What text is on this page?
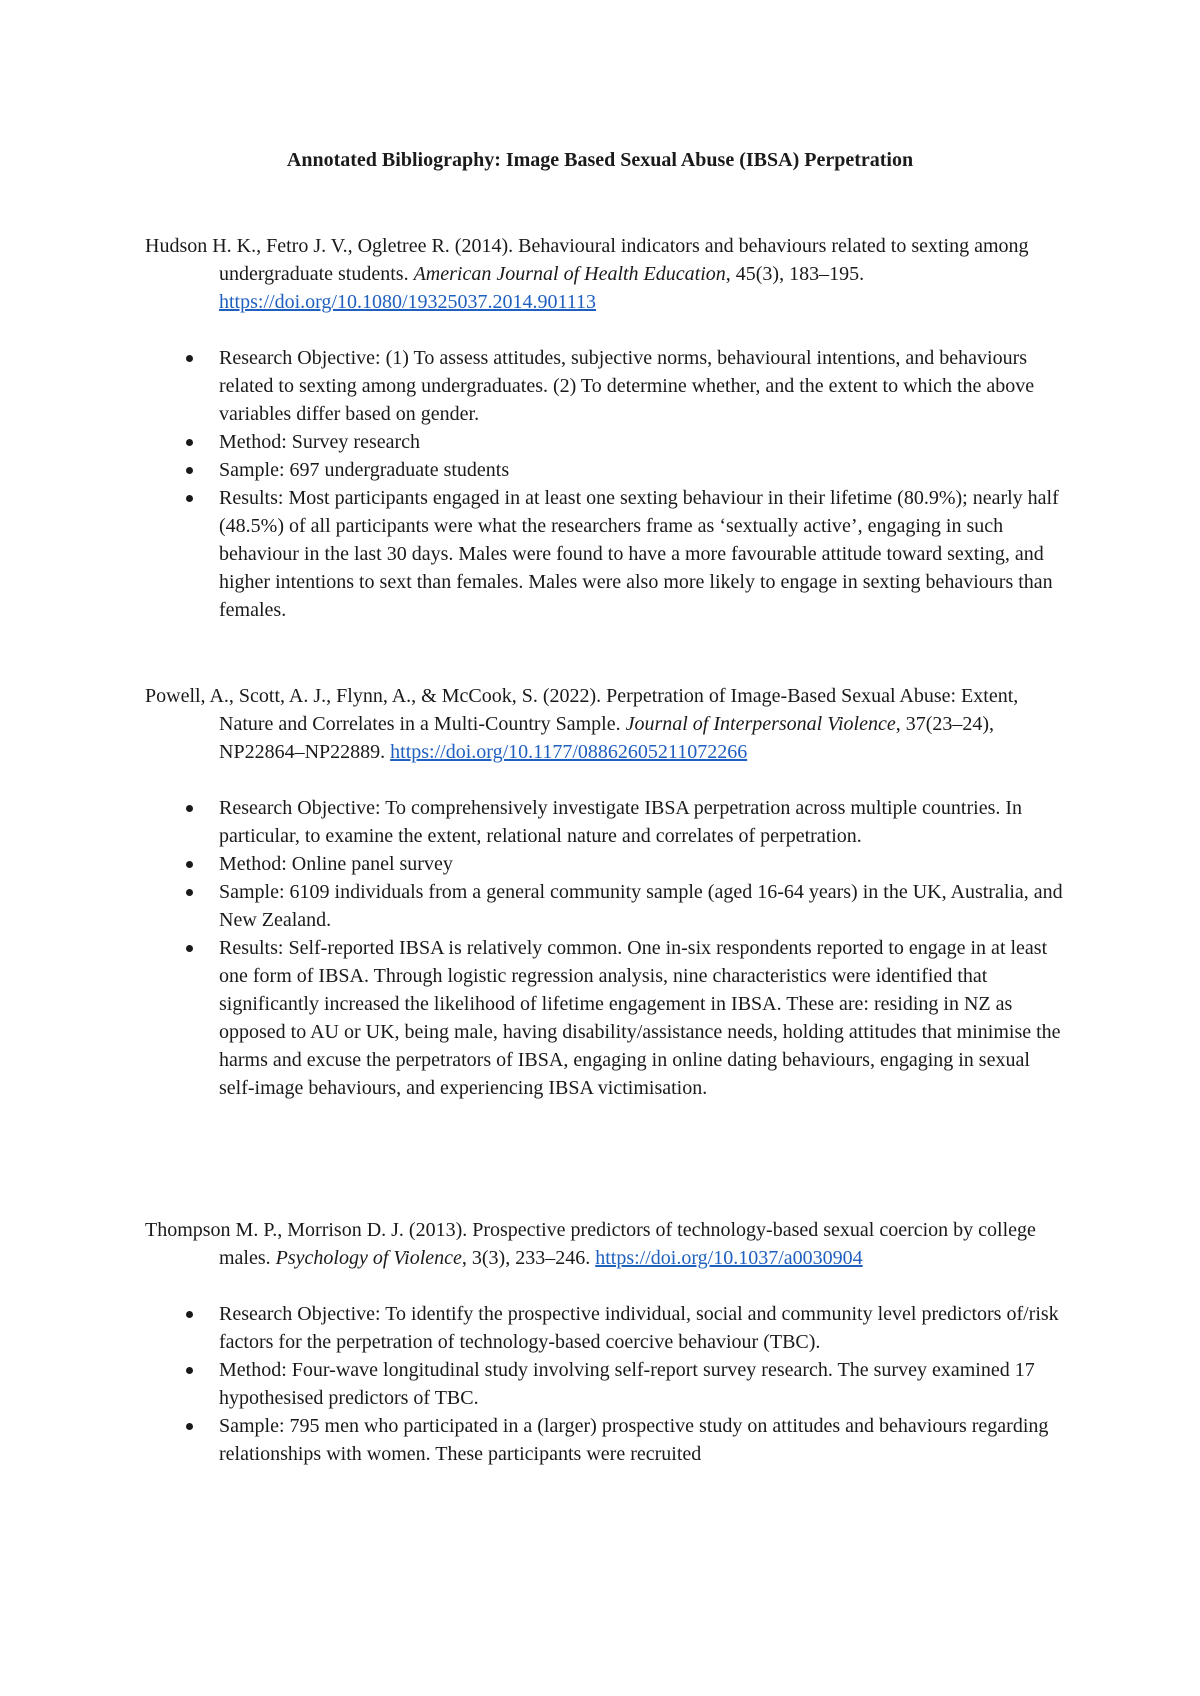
Annotated Bibliography: Image Based Sexual Abuse (IBSA) Perpetration

Hudson H. K., Fetro J. V., Ogletree R. (2014). Behavioural indicators and behaviours related to sexting among undergraduate students. American Journal of Health Education, 45(3), 183–195. https://doi.org/10.1080/19325037.2014.901113

Research Objective: (1) To assess attitudes, subjective norms, behavioural intentions, and behaviours related to sexting among undergraduates. (2) To determine whether, and the extent to which the above variables differ based on gender.
Method: Survey research
Sample: 697 undergraduate students
Results: Most participants engaged in at least one sexting behaviour in their lifetime (80.9%); nearly half (48.5%) of all participants were what the researchers frame as ‘sextually active’, engaging in such behaviour in the last 30 days. Males were found to have a more favourable attitude toward sexting, and higher intentions to sext than females. Males were also more likely to engage in sexting behaviours than females.

Powell, A., Scott, A. J., Flynn, A., & McCook, S. (2022). Perpetration of Image-Based Sexual Abuse: Extent, Nature and Correlates in a Multi-Country Sample. Journal of Interpersonal Violence, 37(23–24), NP22864–NP22889. https://doi.org/10.1177/08862605211072266

Research Objective: To comprehensively investigate IBSA perpetration across multiple countries. In particular, to examine the extent, relational nature and correlates of perpetration.
Method: Online panel survey
Sample: 6109 individuals from a general community sample (aged 16-64 years) in the UK, Australia, and New Zealand.
Results: Self-reported IBSA is relatively common. One in-six respondents reported to engage in at least one form of IBSA. Through logistic regression analysis, nine characteristics were identified that significantly increased the likelihood of lifetime engagement in IBSA. These are: residing in NZ as opposed to AU or UK, being male, having disability/assistance needs, holding attitudes that minimise the harms and excuse the perpetrators of IBSA, engaging in online dating behaviours, engaging in sexual self-image behaviours, and experiencing IBSA victimisation.

Thompson M. P., Morrison D. J. (2013). Prospective predictors of technology-based sexual coercion by college males. Psychology of Violence, 3(3), 233–246. https://doi.org/10.1037/a0030904

Research Objective: To identify the prospective individual, social and community level predictors of/risk factors for the perpetration of technology-based coercive behaviour (TBC).
Method: Four-wave longitudinal study involving self-report survey research. The survey examined 17 hypothesised predictors of TBC.
Sample: 795 men who participated in a (larger) prospective study on attitudes and behaviours regarding relationships with women. These participants were recruited
